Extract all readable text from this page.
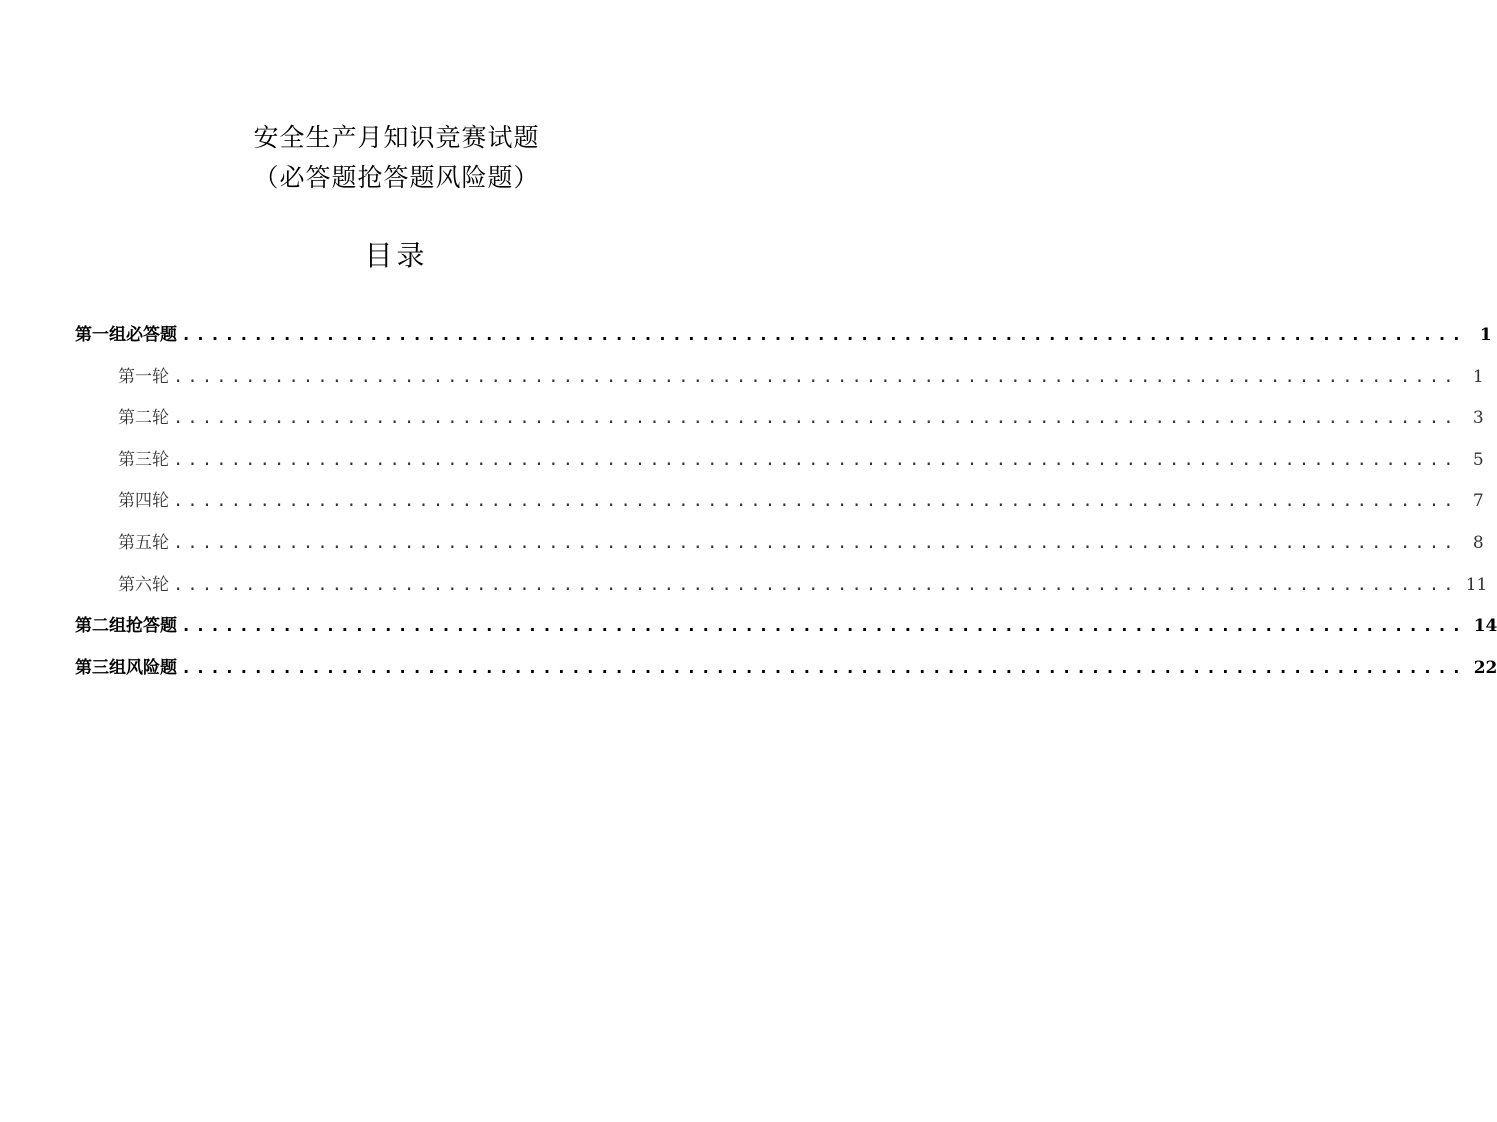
安全生产月知识竞赛试题
（必答题抢答题风险题）
目录
第一组必答题 ......................................................................................... 1
第一轮 ......................................................................................... 1
第二轮 ......................................................................................... 3
第三轮 ......................................................................................... 5
第四轮 ......................................................................................... 7
第五轮 ......................................................................................... 8
第六轮 ......................................................................................... 11
第二组抢答题 ......................................................................................... 14
第三组风险题 ......................................................................................... 22
